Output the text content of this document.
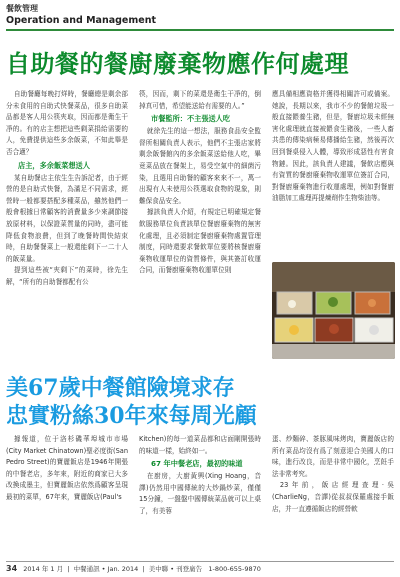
餐飲管理
Operation and Management
自助餐的餐廚廢棄物應作何處理

自助餐廳每晚打烊時，餐廳總是剩余部分未食用的自助式快餐菜品，很多自助菜品都是客人用公筷夾取，因而都是衛生干凈的。有的店主想把這些剩菜捐給需要的人，免費提供這些多余飯菜，不知此舉是否合適？

店主，多余飯菜想送人

某自助餐店主依生生告訴記者，由于經營的是自助式快餐，為滿足不同需求，經營時一般都要搭配多種菜品，雖然他們一般會根據日常顧客的消費量多少來調節接放原材料，以保證菜質量的同時，盡可能降低食物浪費，但到了晚餐時間快結束時，自助餐餐菜上一般還能剩下一二十人的飯菜量。

提到這些被“夾剩下”的菜時，徐先生解，“所有的自助餐都配有公

筷，因而，剩下的菜還是衛生干凈的，倒掉真可惜，希望能送給有需要的人。”

市餐監所：不主張送人吃

就徐先生的這一想法，服務食品安全監督所相關負責人表示，他們不主張店家將剩余飯餐館內的多余飯菜送給他人吃，畢竟菜品放在餐架上，易受空氣中的細菌污染，且選用自助餐的顧客來來不一，萬一出現有人未使用公筷選取食物的現象，則難保食品安全。

據該負責人介紹，有規定已明確規定餐飲服務單位負責該單位餐廚廢棄物的無害化處理，且必須制定餐廚廢棄物處置管理制度，同時還要求餐飲單位要將核餐廚廢棄物收運單位的資質條件，與其簽訂收運合同，而餐廚廢棄物收運單位則

應具備相應資格并獲得相關許可或備案。她說，長期以來，我市不少的餐館垃圾一般直接餵養生豬，但是，餐廚垃圾未經無害化處理就直接被餵食生豬後，一些人畜共患的傳染病極易傳播給生豬，然後再次回到餐桌侵入人體，導致形成惡性有害食物鏈。因此，該負責人建議，餐飲店應與有資質的餐廚廢棄物收運單位簽訂合同，對餐廚廢棄物進行收運處理，例如對餐廚油脂加工處理再提煉劑作生物柴油等。

美67歲中餐館險境求存
忠實粉絲30年來每周光顧

據報道，位于洛杉磯華埠城市市場(City Market Chinatown)聖必度街(San Pedro Street)的寶麗飯店是1946年開張的中餐老店，多年來，附近的商家已大多改換成墨主，但寶麗飯店依然爲顧客呈現最初的菜單，67年來，寶麗飯店(Paul's

Kitchen)的每一道菜品都和店面剛開張時的味道一樣，始終如一。

67 年中餐老店，最初的味道

在廚房，大廚黃興(Xing Hoang，音譯)仍然用中國傳統的大炒鍋炒菜，僅僅15分鐘，一盤盤中國傳統菜品就可以上桌了，有美蓉

蛋、炒麵碎、茶豚風味烤肉，寶麗飯店的所有菜品均沒有爲了刻意迎合美國人的口味，進行改良，而是非常中國化，烹飪手法非常考究。

23年前，飯店經理查理·吳(CharlieNg，音譯)從叔叔保羅處接手飯店，并一直遵循飯店的經營軟

34 2014 年 1 月  |  中餐通訊 • Jan. 2014  |  美中聯 • 刊登廣告 1-800-655-9870
